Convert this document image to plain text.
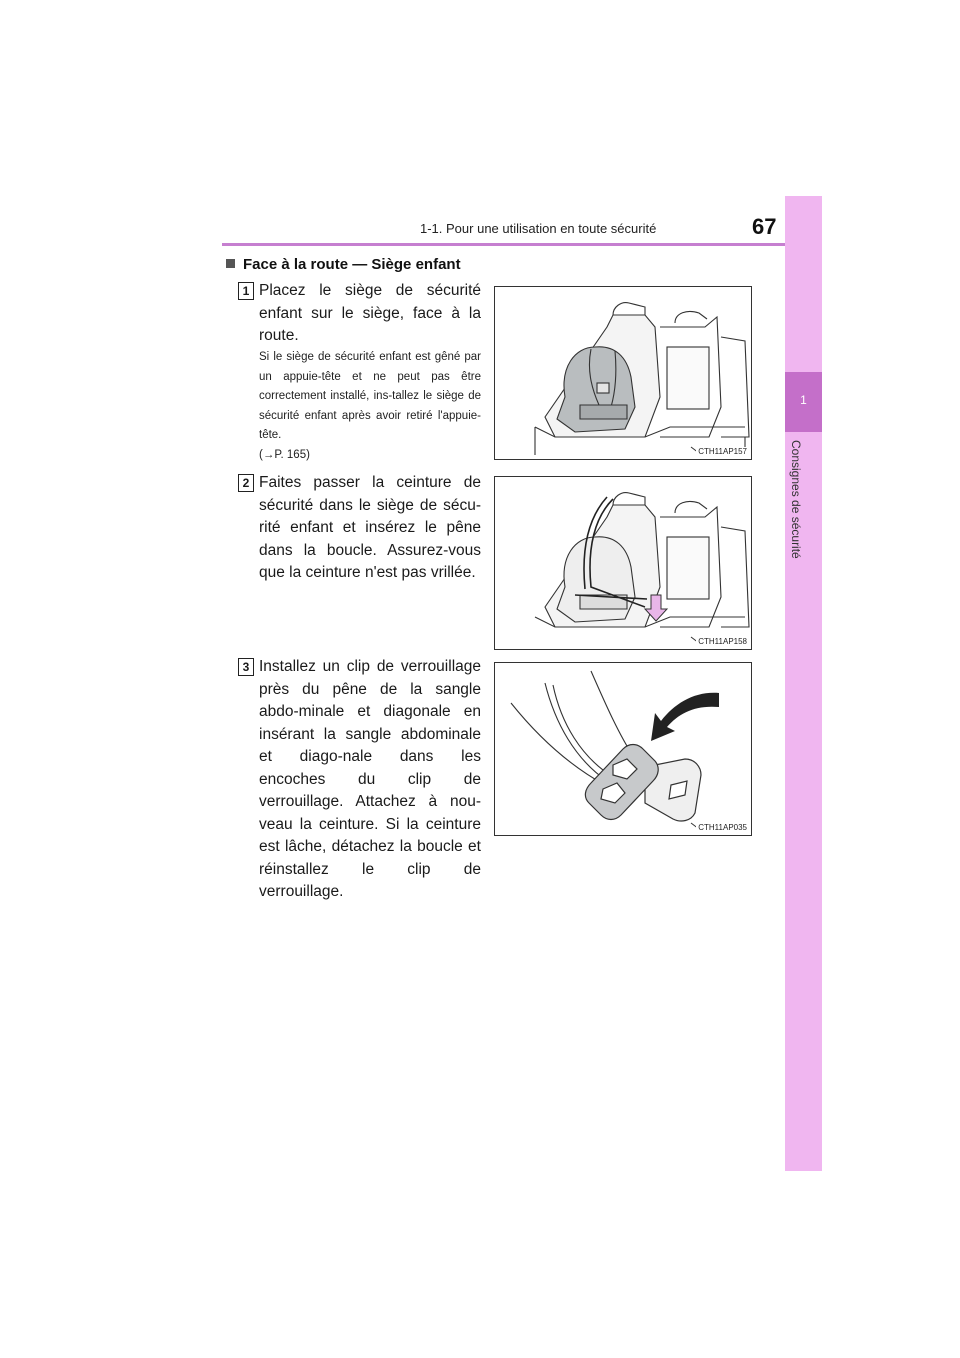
1-1. Pour une utilisation en toute sécurité	67
1
Consignes de sécurité
Face à la route — Siège enfant
1 Placez le siège de sécurité enfant sur le siège, face à la route.
Si le siège de sécurité enfant est gêné par un appuie-tête et ne peut pas être correctement installé, ins-tallez le siège de sécurité enfant après avoir retiré l'appuie-tête.
(→P. 165)	CTH11AP157
2 Faites passer la ceinture de sécurité dans le siège de sécu-rité enfant et insérez le pêne dans la boucle. Assurez-vous que la ceinture n'est pas vrillée.
CTH11AP158
3 Installez un clip de verrouillage près du pêne de la sangle abdo-minale et diagonale en insérant la sangle abdominale et diago-nale dans les encoches du clip de verrouillage. Attachez à nou-veau la ceinture. Si la ceinture est lâche, détachez la boucle et réinstallez le clip de verrouillage.
CTH11AP035
